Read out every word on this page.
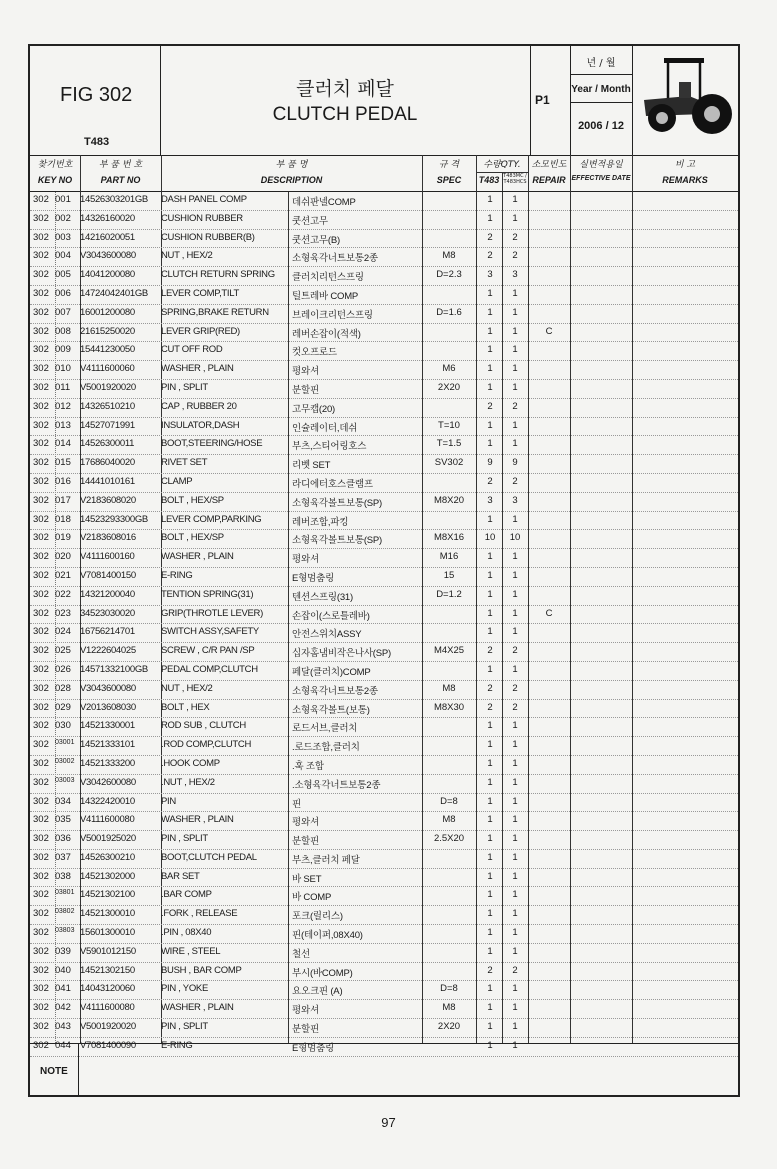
FIG 302
T483
클러치 페달
CLUTCH PEDAL
P1
년 / 월
Year / Month
2006 / 12
찾기번호
KEY NO
부 품 번 호
PART NO
부 품 명
DESCRIPTION
규 격
SPEC
수량QTY.
T483 T483MC / T483HCS
소모빈도
REPAIR
실변적용일
EFFECTIVE DATE
비 고
REMARKS
302 001 14526303201GB	DASH PANEL COMP	데쉬판넬COMP	1	1
302 002 14326160020	CUSHION RUBBER	쿳션고무	1	1
302 003 14216020051	CUSHION RUBBER(B)	쿳션고무(B)	2	2
302 004 V3043600080	NUT , HEX/2	소형육각너트보통2종	M8	2	2
302 005 14041200080	CLUTCH RETURN SPRING	클러치리턴스프링	D=2.3	3	3
302 006 14724042401GB	LEVER COMP,TILT	틸트레바 COMP	1	1
302 007 16001200080	SPRING,BRAKE RETURN	브레이크리턴스프링	D=1.6	1	1
302 008 21615250020	LEVER GRIP(RED)	레버손잡이(적색)	1	1	C
302 009 15441230050	CUT OFF ROD	컷오프로드	1	1
302 010 V4111600060	WASHER , PLAIN	평와셔	M6	1	1
302 011	V5001920020	PIN , SPLIT	분할핀	2X20	1	1
302 012 14326510210	CAP , RUBBER 20	고무캡(20)	2	2
302 013 14527071991	INSULATOR,DASH	인슐레이터,데쉬	T=10	1	1
302 014 14526300011	BOOT,STEERING/HOSE	부츠,스티어링호스	T=1.5	1	1
302 015 17686040020	RIVET SET	리벳 SET	SV302	9	9
302 016 14441010161	CLAMP	라디에터호스클램프	2	2
302 017 V2183608020	BOLT , HEX/SP	소형육각볼트보통(SP)	M8X20	3	3
302 018 14523293300GB	LEVER COMP,PARKING	레버조합,파킹	1	1
302 019 V2183608016	BOLT , HEX/SP	소형육각볼트보통(SP)	M8X16	10	10
302 020 V4111600160	WASHER , PLAIN	평와셔	M16	1	1
302 021 V7081400150	E-RING	E형멈춤링	15	1	1
302 022 14321200040	TENTION SPRING(31)	텐션스프링(31)	D=1.2	1	1
302 023 34523030020	GRIP(THROTLE LEVER)	손잡이(스로틀레바)	1	1	C
302 024 16756214701	SWITCH ASSY,SAFETY	안전스위치ASSY	1	1
302 025 V1222604025	SCREW , C/R PAN /SP	십자홈냄비작은나사(SP)	M4X25	2	2
302 026 14571332100GB	PEDAL COMP,CLUTCH	페달(클러치)COMP	1	1
302 028 V3043600080	NUT , HEX/2	소형육각너트보통2종	M8	2	2
302 029 V2013608030	BOLT , HEX	소형육각볼트(보통)	M8X30	2	2
302 030 14521330001	ROD SUB , CLUTCH	로드서브,클러치	1	1
302 03001 14521333101	.ROD COMP,CLUTCH	.로드조합,클러치	1	1
302 03002 14521333200	.HOOK COMP	.훅 조합	1	1
302 03003 V3042600080	.NUT , HEX/2	.소형육각너트보통2종	1	1
302 034 14322420010	PIN	핀	D=8	1	1
302 035 V4111600080	WASHER , PLAIN	평와셔	M8	1	1
302 036 V5001925020	PIN , SPLIT	분할핀	2.5X20	1	1
302 037 14526300210	BOOT,CLUTCH PEDAL	부츠,클러치 페달	1	1
302 038 14521302000	BAR SET	바 SET	1	1
302 03801 14521302100	.BAR COMP	바 COMP	1	1
302 03802 14521300010	.FORK , RELEASE	포크(릴리스)	1	1
302 03803 15601300010	.PIN , 08X40	핀(테이퍼,08X40)	1	1
302 039 V5901012150	WIRE , STEEL	철선	1	1
302 040 14521302150	BUSH , BAR COMP	부시(바COMP)	2	2
302 041 14043120060	PIN , YOKE	요오크핀 (A)	D=8	1	1
302 042 V4111600080	WASHER , PLAIN	평와셔	M8	1	1
302 043 V5001920020	PIN , SPLIT	분할핀	2X20	1	1
302 044 V7081400090	E-RING	E형멈춤링	1	1
NOTE
97
